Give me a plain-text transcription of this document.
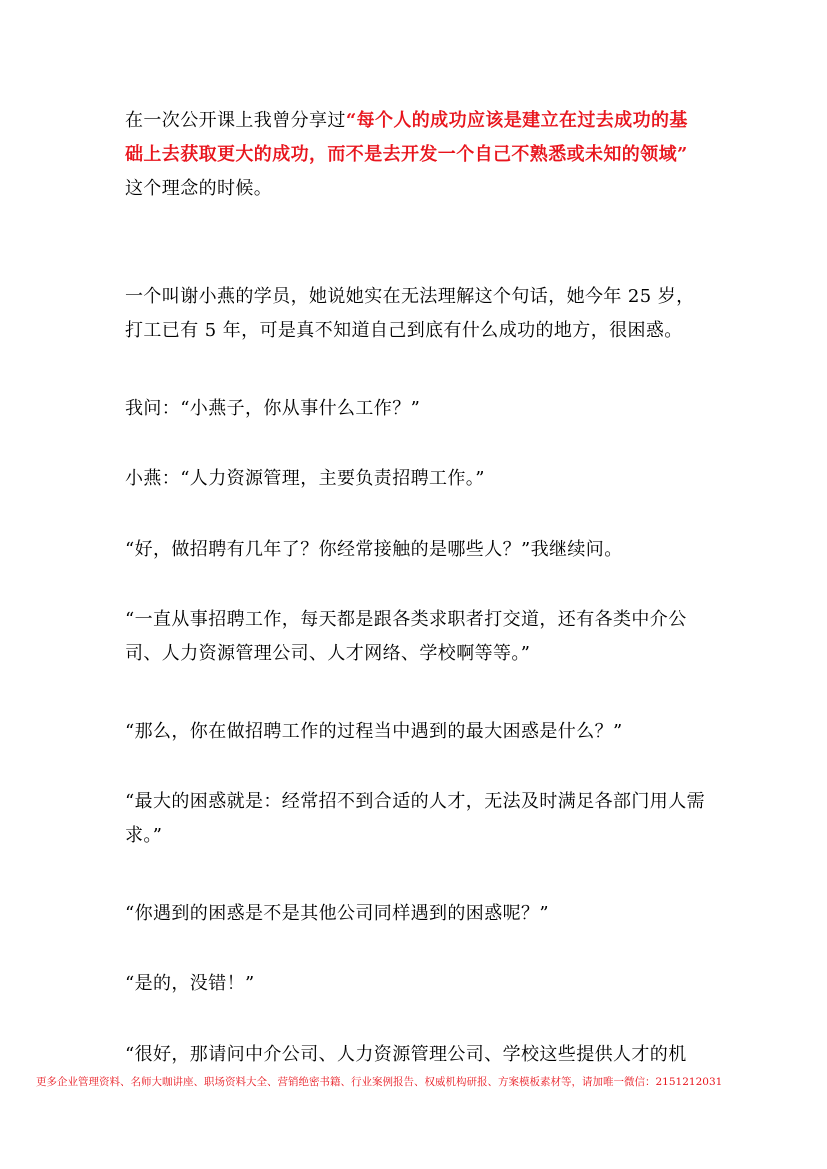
在一次公开课上我曾分享过“每个人的成功应该是建立在过去成功的基础上去获取更大的成功，而不是去开发一个自己不熟悉或未知的领域”
这个理念的时候。

一个叫谢小燕的学员，她说她实在无法理解这个句话，她今年 25 岁，打工已有 5 年，可是真不知道自己到底有什么成功的地方，很困惑。

我问：“小燕子，你从事什么工作？”

小燕：“人力资源管理，主要负责招聘工作。”

“好，做招聘有几年了？你经常接触的是哪些人？”我继续问。

“一直从事招聘工作，每天都是跟各类求职者打交道，还有各类中介公司、人力资源管理公司、人才网络、学校啊等等。”

“那么，你在做招聘工作的过程当中遇到的最大困惑是什么？”

“最大的困惑就是：经常招不到合适的人才，无法及时满足各部门用人需求。”

“你遇到的困惑是不是其他公司同样遇到的困惑呢？”

“是的，没错！”

“很好，那请问中介公司、人力资源管理公司、学校这些提供人才的机

更多企业管理资料、名师大咖讲座、职场资料大全、营销绝密书籍、行业案例报告、权威机构研报、方案模板素材等，请加唯一微信：2151212031
